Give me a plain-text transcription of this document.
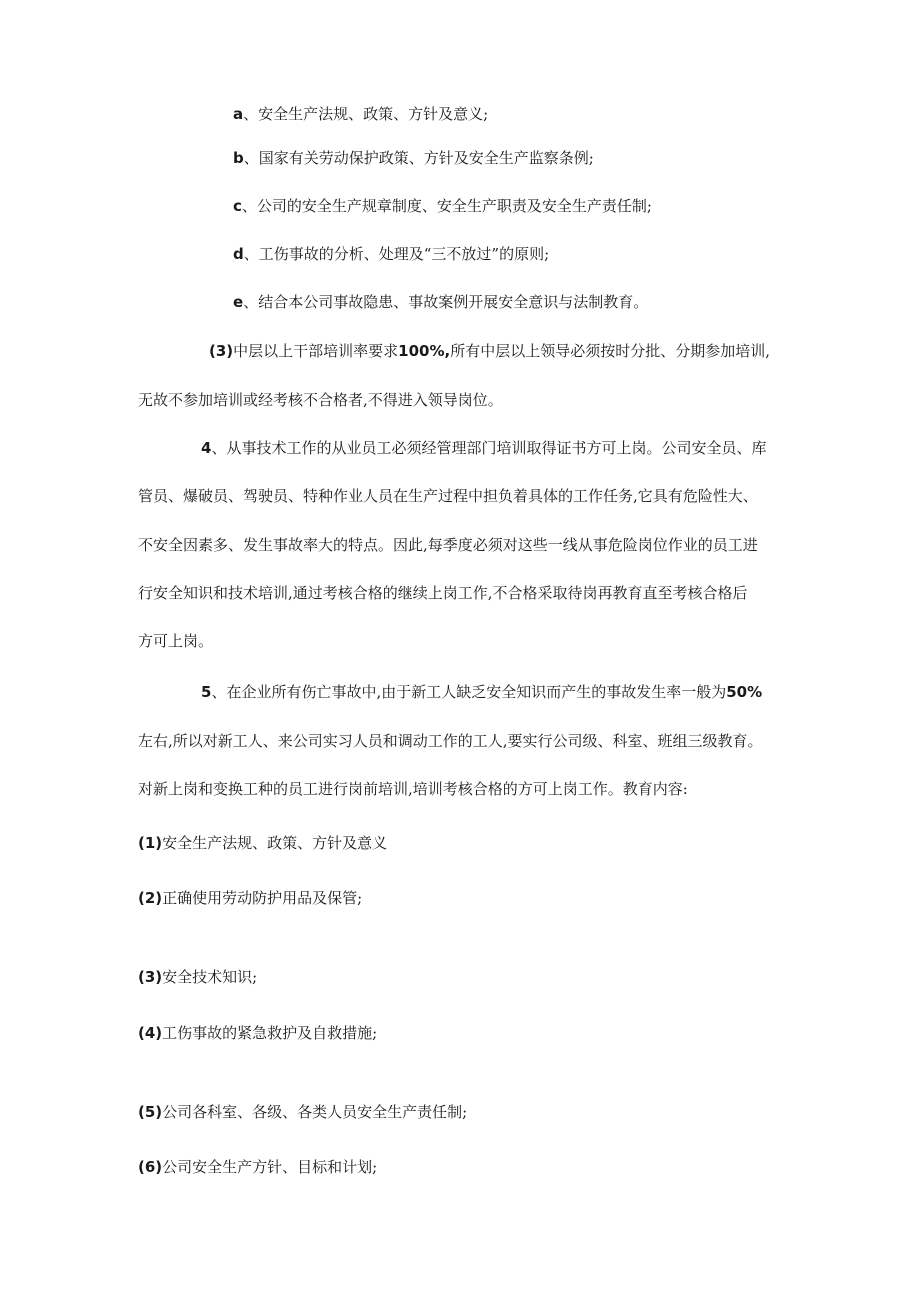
a、安全生产法规、政策、方针及意义;
b、国家有关劳动保护政策、方针及安全生产监察条例;
c、公司的安全生产规章制度、安全生产职责及安全生产责任制;
d、工伤事故的分析、处理及“三不放过”的原则;
e、结合本公司事故隐患、事故案例开展安全意识与法制教育。
(3)中层以上干部培训率要求100%,所有中层以上领导必须按时分批、分期参加培训,
无故不参加培训或经考核不合格者,不得进入领导岗位。
4、从事技术工作的从业员工必须经管理部门培训取得证书方可上岗。公司安全员、库
管员、爆破员、驾驶员、特种作业人员在生产过程中担负着具体的工作任务,它具有危险性大、
不安全因素多、发生事故率大的特点。因此,每季度必须对这些一线从事危险岗位作业的员工进
行安全知识和技术培训,通过考核合格的继续上岗工作,不合格采取待岗再教育直至考核合格后
方可上岗。
5、在企业所有伤亡事故中,由于新工人缺乏安全知识而产生的事故发生率一般为50%
左右,所以对新工人、来公司实习人员和调动工作的工人,要实行公司级、科室、班组三级教育。
对新上岗和变换工种的员工进行岗前培训,培训考核合格的方可上岗工作。教育内容:
(1)安全生产法规、政策、方针及意义
(2)正确使用劳动防护用品及保管;
(3)安全技术知识;
(4)工伤事故的紧急救护及自救措施;
(5)公司各科室、各级、各类人员安全生产责任制;
(6)公司安全生产方针、目标和计划;
